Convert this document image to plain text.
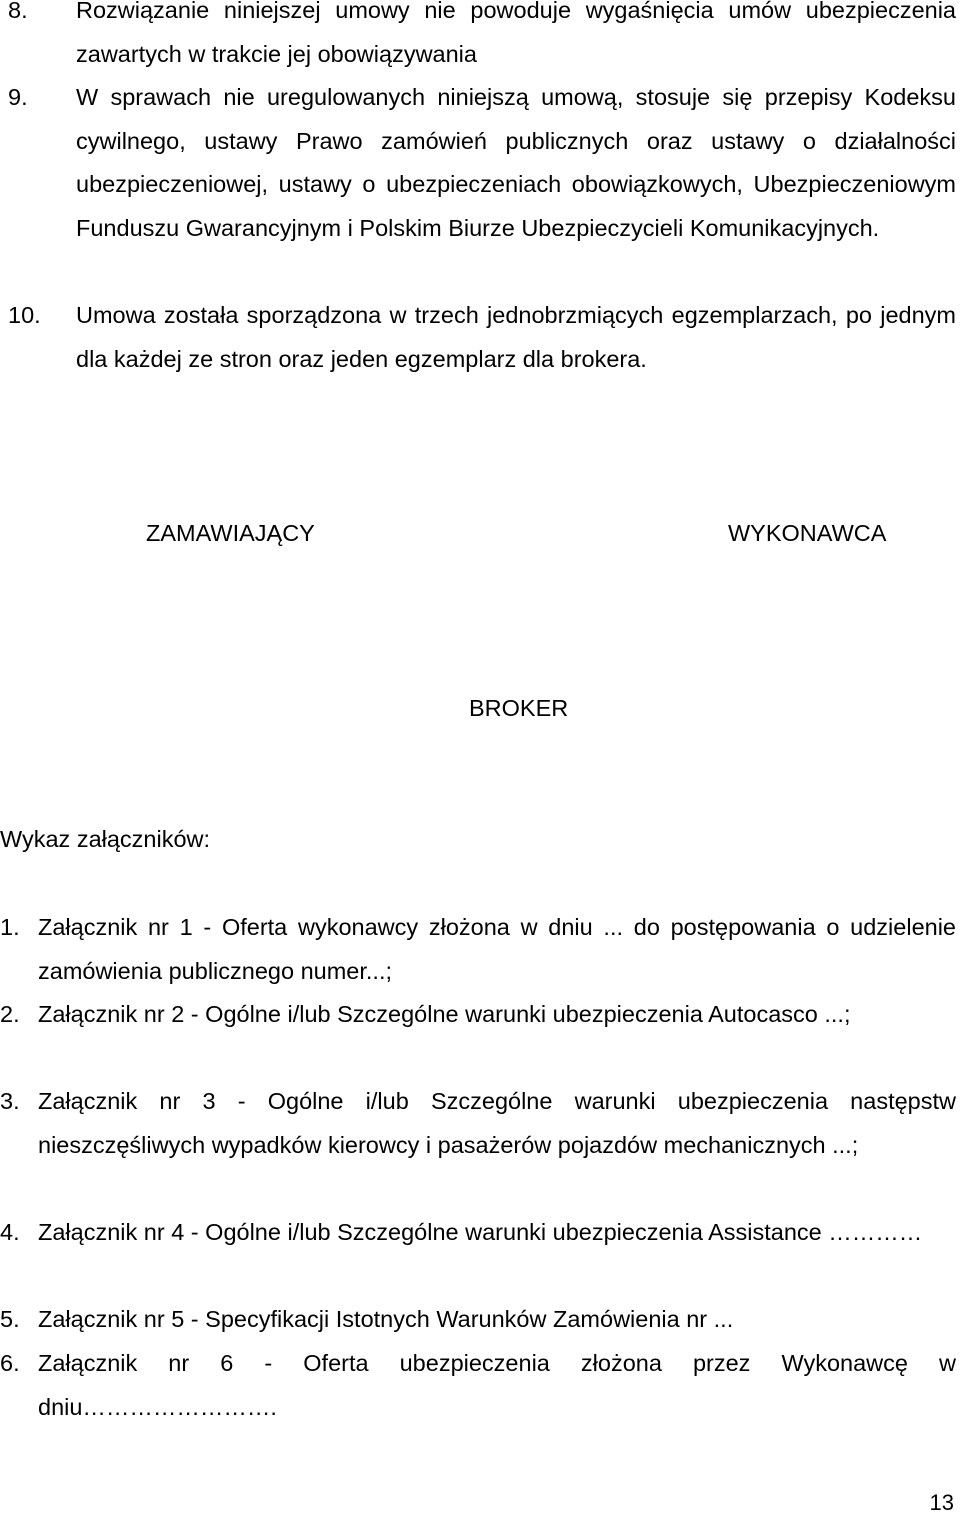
8. Rozwiązanie niniejszej umowy nie powoduje wygaśnięcia umów ubezpieczenia zawartych w trakcie jej obowiązywania
9. W sprawach nie uregulowanych niniejszą umową, stosuje się przepisy Kodeksu cywilnego, ustawy Prawo zamówień publicznych oraz ustawy o działalności ubezpieczeniowej, ustawy o ubezpieczeniach obowiązkowych, Ubezpieczeniowym Funduszu Gwarancyjnym i Polskim Biurze Ubezpieczycieli Komunikacyjnych.
10. Umowa została sporządzona w trzech jednobrzmiących egzemplarzach, po jednym dla każdej ze stron oraz jeden egzemplarz dla brokera.
ZAMAWIAJĄCY	WYKONAWCA
BROKER
Wykaz załączników:
1. Załącznik nr 1 - Oferta wykonawcy złożona w dniu ... do postępowania o udzielenie zamówienia publicznego numer...;
2. Załącznik nr 2 - Ogólne i/lub Szczególne warunki ubezpieczenia Autocasco ...;
3. Załącznik nr 3 - Ogólne i/lub Szczególne warunki ubezpieczenia następstw nieszczęśliwych wypadków kierowcy i pasażerów pojazdów mechanicznych ...;
4. Załącznik nr 4 - Ogólne i/lub Szczególne warunki ubezpieczenia Assistance …………
5. Załącznik nr 5 - Specyfikacji Istotnych Warunków Zamówienia nr ...
6. Załącznik nr 6 - Oferta ubezpieczenia złożona przez Wykonawcę w dniu…………………….
13
